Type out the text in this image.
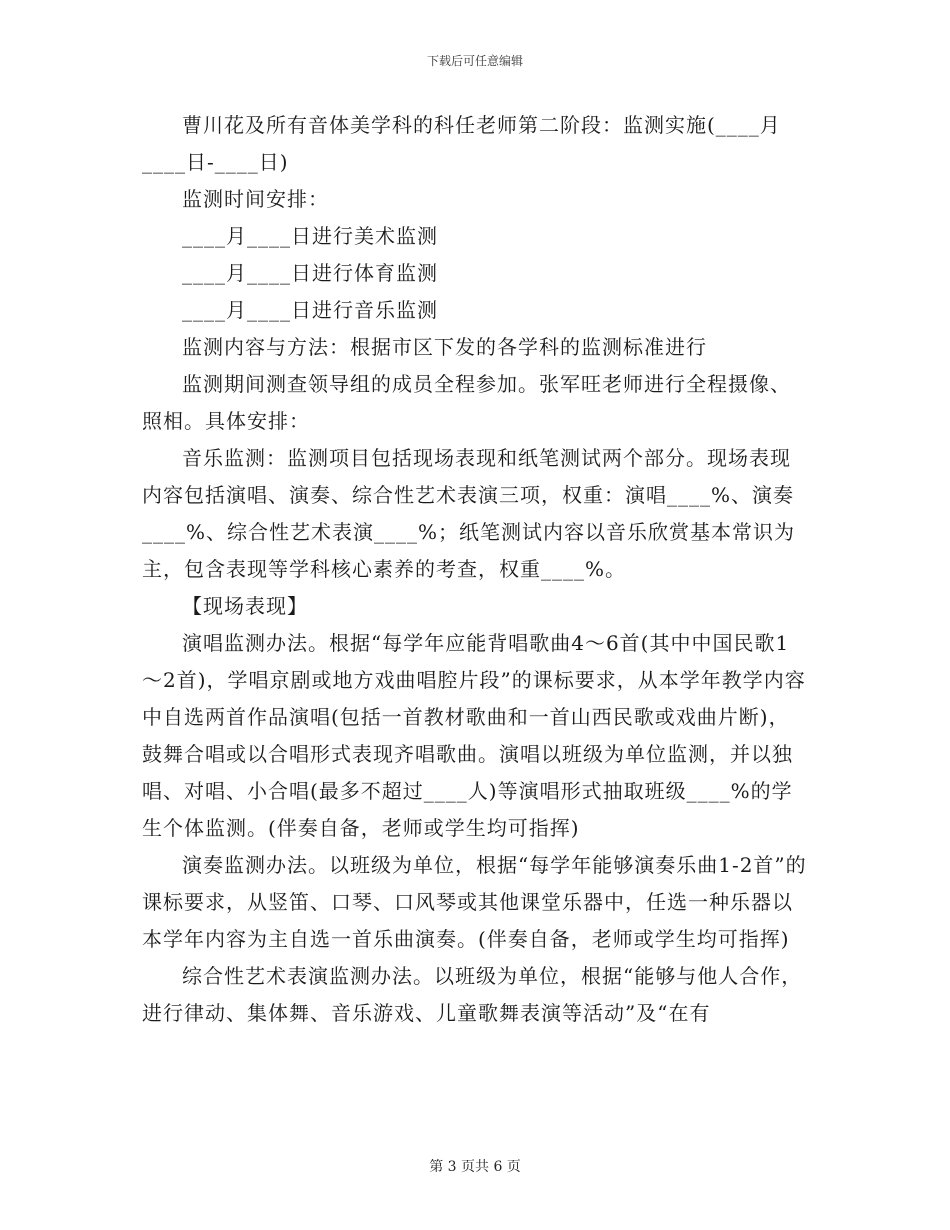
下载后可任意编辑

曹川花及所有音体美学科的科任老师第二阶段：监测实施(____月____日-____日)

监测时间安排：

____月____日进行美术监测

____月____日进行体育监测

____月____日进行音乐监测

监测内容与方法：根据市区下发的各学科的监测标准进行

监测期间测查领导组的成员全程参加。张军旺老师进行全程摄像、照相。具体安排：

音乐监测：监测项目包括现场表现和纸笔测试两个部分。现场表现内容包括演唱、演奏、综合性艺术表演三项，权重：演唱____%、演奏____%、综合性艺术表演____%；纸笔测试内容以音乐欣赏基本常识为主，包含表现等学科核心素养的考查，权重____%。

【现场表现】

演唱监测办法。根据“每学年应能背唱歌曲4～6首(其中中国民歌1～2首)，学唱京剧或地方戏曲唱腔片段”的课标要求，从本学年教学内容中自选两首作品演唱(包括一首教材歌曲和一首山西民歌或戏曲片断)，鼓舞合唱或以合唱形式表现齐唱歌曲。演唱以班级为单位监测，并以独唱、对唱、小合唱(最多不超过____人)等演唱形式抽取班级____%的学生个体监测。(伴奏自备，老师或学生均可指挥)

演奏监测办法。以班级为单位，根据“每学年能够演奏乐曲1-2首”的课标要求，从竖笛、口琴、口风琴或其他课堂乐器中，任选一种乐器以本学年内容为主自选一首乐曲演奏。(伴奏自备，老师或学生均可指挥)

综合性艺术表演监测办法。以班级为单位，根据“能够与他人合作，进行律动、集体舞、音乐游戏、儿童歌舞表演等活动”及“在有

第 3 页共 6 页
